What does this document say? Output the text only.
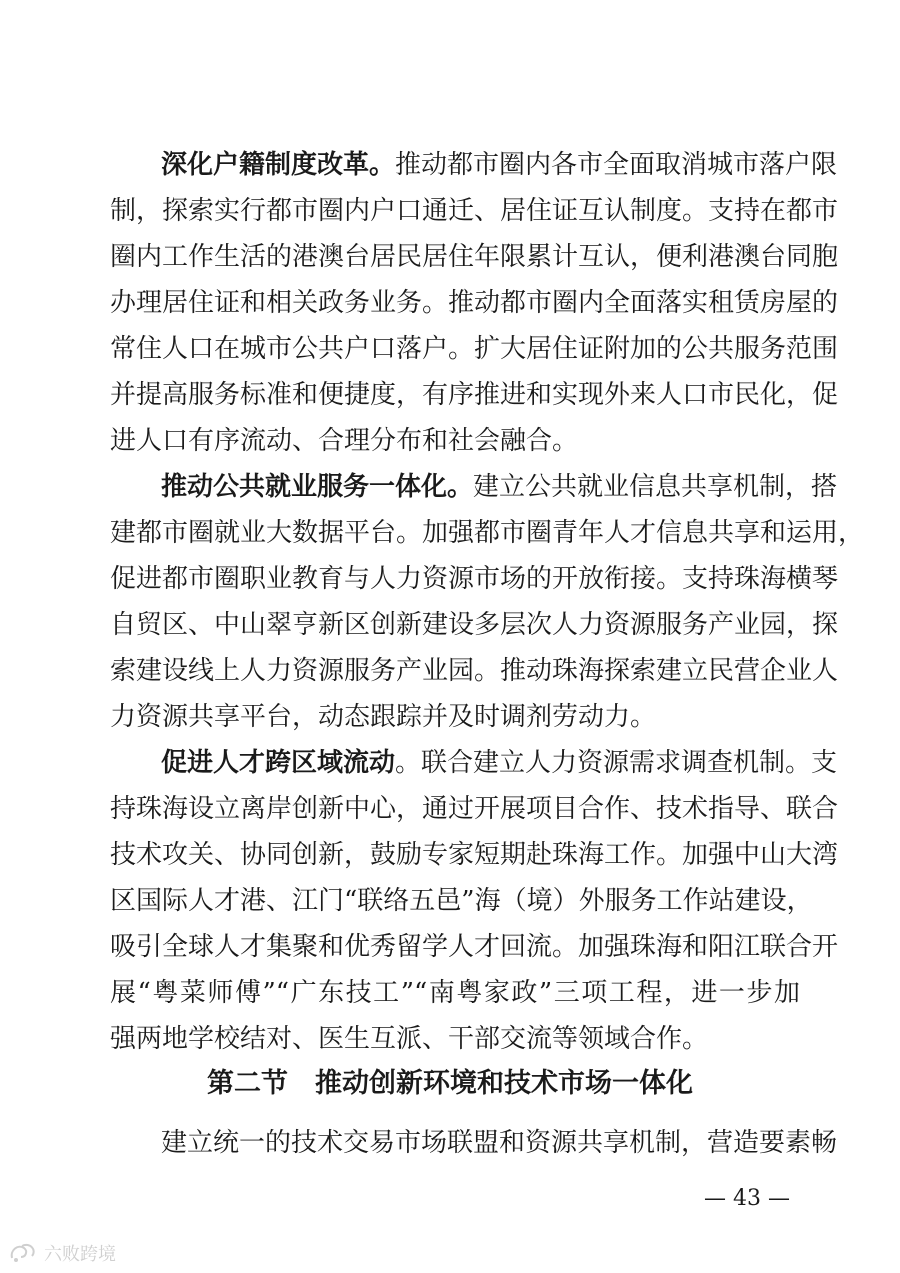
深化户籍制度改革。推动都市圈内各市全面取消城市落户限
制，探索实行都市圈内户口通迁、居住证互认制度。支持在都市
圈内工作生活的港澳台居民居住年限累计互认，便利港澳台同胞
办理居住证和相关政务业务。推动都市圈内全面落实租赁房屋的
常住人口在城市公共户口落户。扩大居住证附加的公共服务范围
并提高服务标准和便捷度，有序推进和实现外来人口市民化，促
进人口有序流动、合理分布和社会融合。
推动公共就业服务一体化。建立公共就业信息共享机制，搭
建都市圈就业大数据平台。加强都市圈青年人才信息共享和运用，
促进都市圈职业教育与人力资源市场的开放衔接。支持珠海横琴
自贸区、中山翠亨新区创新建设多层次人力资源服务产业园，探
索建设线上人力资源服务产业园。推动珠海探索建立民营企业人
力资源共享平台，动态跟踪并及时调剂劳动力。
促进人才跨区域流动。联合建立人力资源需求调查机制。支
持珠海设立离岸创新中心，通过开展项目合作、技术指导、联合
技术攻关、协同创新，鼓励专家短期赴珠海工作。加强中山大湾
区国际人才港、江门“联络五邑”海（境）外服务工作站建设，
吸引全球人才集聚和优秀留学人才回流。加强珠海和阳江联合开
展“粤菜师傅”“广东技工”“南粤家政”三项工程，进一步加
强两地学校结对、医生互派、干部交流等领域合作。
第二节　推动创新环境和技术市场一体化
建立统一的技术交易市场联盟和资源共享机制，营造要素畅
— 43 —
六败跨境
